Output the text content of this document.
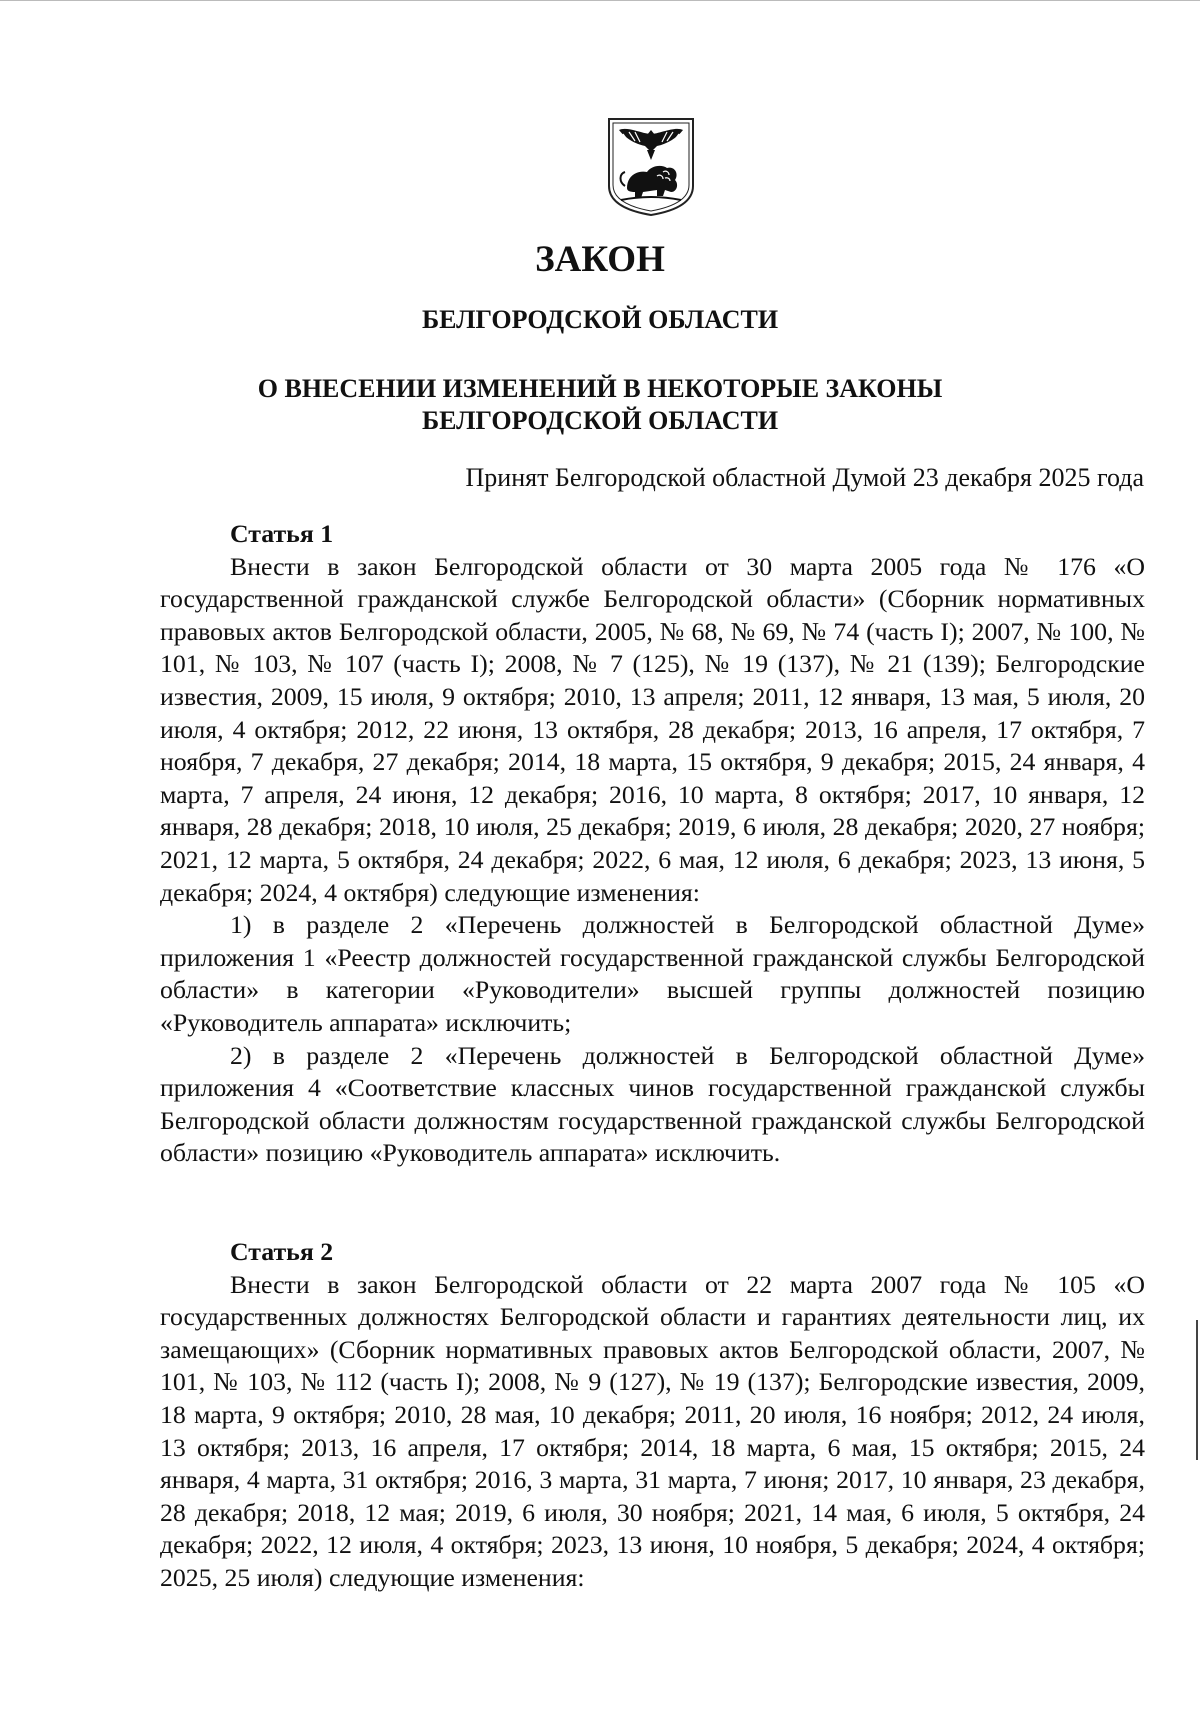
ЗАКОН
БЕЛГОРОДСКОЙ ОБЛАСТИ
О ВНЕСЕНИИ ИЗМЕНЕНИЙ В НЕКОТОРЫЕ ЗАКОНЫ
БЕЛГОРОДСКОЙ ОБЛАСТИ

Принят Белгородской областной Думой 23 декабря 2025 года

Статья 1

Внести в закон Белгородской области от 30 марта 2005 года № 176 «О государственной гражданской службе Белгородской области» (Сборник нормативных правовых актов Белгородской области, 2005, № 68, № 69, № 74 (часть I); 2007, № 100, № 101, № 103, № 107 (часть I); 2008, № 7 (125), № 19 (137), № 21 (139); Белгородские известия, 2009, 15 июля, 9 октября; 2010, 13 апреля; 2011, 12 января, 13 мая, 5 июля, 20 июля, 4 октября; 2012, 22 июня, 13 октября, 28 декабря; 2013, 16 апреля, 17 октября, 7 ноября, 7 декабря, 27 декабря; 2014, 18 марта, 15 октября, 9 декабря; 2015, 24 января, 4 марта, 7 апреля, 24 июня, 12 декабря; 2016, 10 марта, 8 октября; 2017, 10 января, 12 января, 28 декабря; 2018, 10 июля, 25 декабря; 2019, 6 июля, 28 декабря; 2020, 27 ноября; 2021, 12 марта, 5 октября, 24 декабря; 2022, 6 мая, 12 июля, 6 декабря; 2023, 13 июня, 5 декабря; 2024, 4 октября) следующие изменения:

1) в разделе 2 «Перечень должностей в Белгородской областной Думе» приложения 1 «Реестр должностей государственной гражданской службы Белгородской области» в категории «Руководители» высшей группы должностей позицию «Руководитель аппарата» исключить;

2) в разделе 2 «Перечень должностей в Белгородской областной Думе» приложения 4 «Соответствие классных чинов государственной гражданской службы Белгородской области должностям государственной гражданской службы Белгородской области» позицию «Руководитель аппарата» исключить.

Статья 2

Внести в закон Белгородской области от 22 марта 2007 года № 105 «О государственных должностях Белгородской области и гарантиях деятельности лиц, их замещающих» (Сборник нормативных правовых актов Белгородской области, 2007, № 101, № 103, № 112 (часть I); 2008, № 9 (127), № 19 (137); Белгородские известия, 2009, 18 марта, 9 октября; 2010, 28 мая, 10 декабря; 2011, 20 июля, 16 ноября; 2012, 24 июля, 13 октября; 2013, 16 апреля, 17 октября; 2014, 18 марта, 6 мая, 15 октября; 2015, 24 января, 4 марта, 31 октября; 2016, 3 марта, 31 марта, 7 июня; 2017, 10 января, 23 декабря, 28 декабря; 2018, 12 мая; 2019, 6 июля, 30 ноября; 2021, 14 мая, 6 июля, 5 октября, 24 декабря; 2022, 12 июля, 4 октября; 2023, 13 июня, 10 ноября, 5 декабря; 2024, 4 октября; 2025, 25 июля) следующие изменения:
